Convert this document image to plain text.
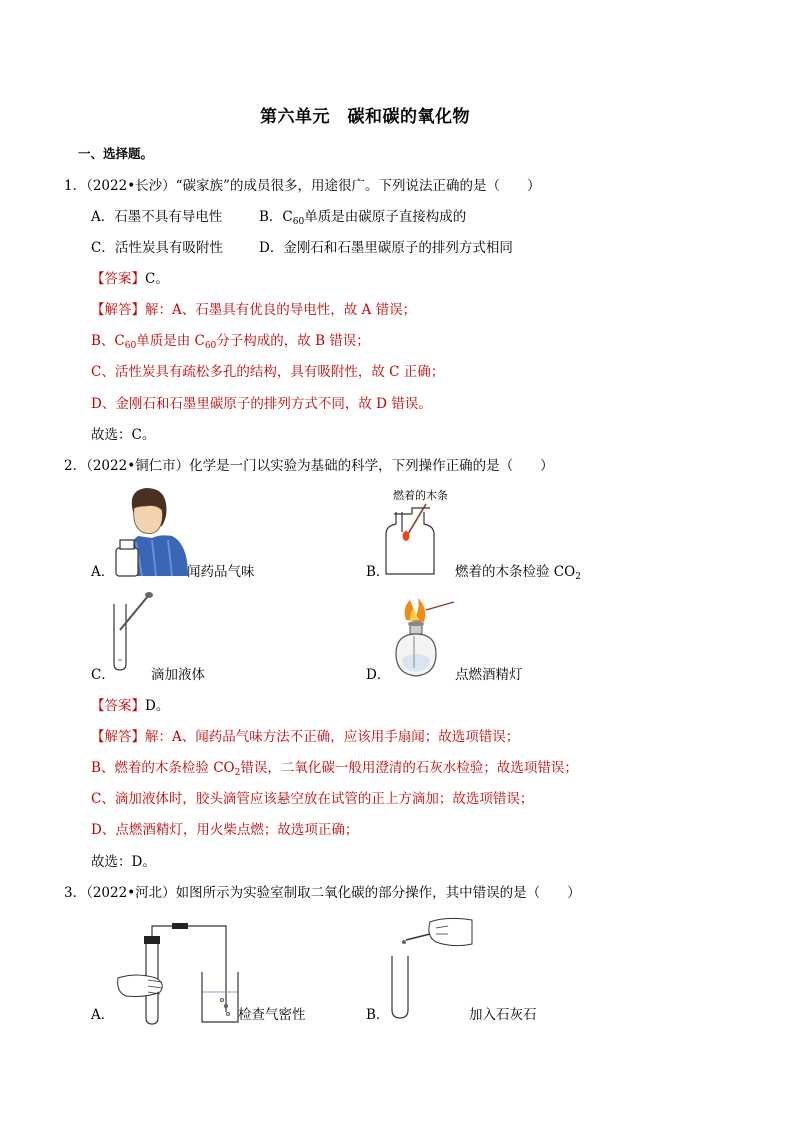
第六单元　碳和碳的氧化物
一、选择题。
1．（2022•长沙）“碳家族”的成员很多，用途很广。下列说法正确的是（　　）
A．石墨不具有导电性	B．$C_{60}$单质是由碳原子直接构成的
C．活性炭具有吸附性	D．金刚石和石墨里碳原子的排列方式相同
【答案】C。
【解答】解：A、石墨具有优良的导电性，故 A 错误；
B、$C_{60}$单质是由 $C_{60}$分子构成的，故 B 错误；
C、活性炭具有疏松多孔的结构，具有吸附性，故 C 正确；
D、金刚石和石墨里碳原子的排列方式不同，故 D 错误。
故选：C。
2．（2022•铜仁市）化学是一门以实验为基础的科学，下列操作正确的是（　　）
A．	闻药品气味
燃着的木条
B．	燃着的木条检验 $CO_2$
C．	滴加液体	D．	点燃酒精灯
【答案】D。
【解答】解：A、闻药品气味方法不正确，应该用手扇闻；故选项错误；
B、燃着的木条检验 $CO_2$错误，二氧化碳一般用澄清的石灰水检验；故选项错误；
C、滴加液体时，胶头滴管应该悬空放在试管的正上方滴加；故选项错误；
D、点燃酒精灯，用火柴点燃；故选项正确；
故选：D。
3．（2022•河北）如图所示为实验室制取二氧化碳的部分操作，其中错误的是（　　）
A．	检查气密性	B．	加入石灰石
